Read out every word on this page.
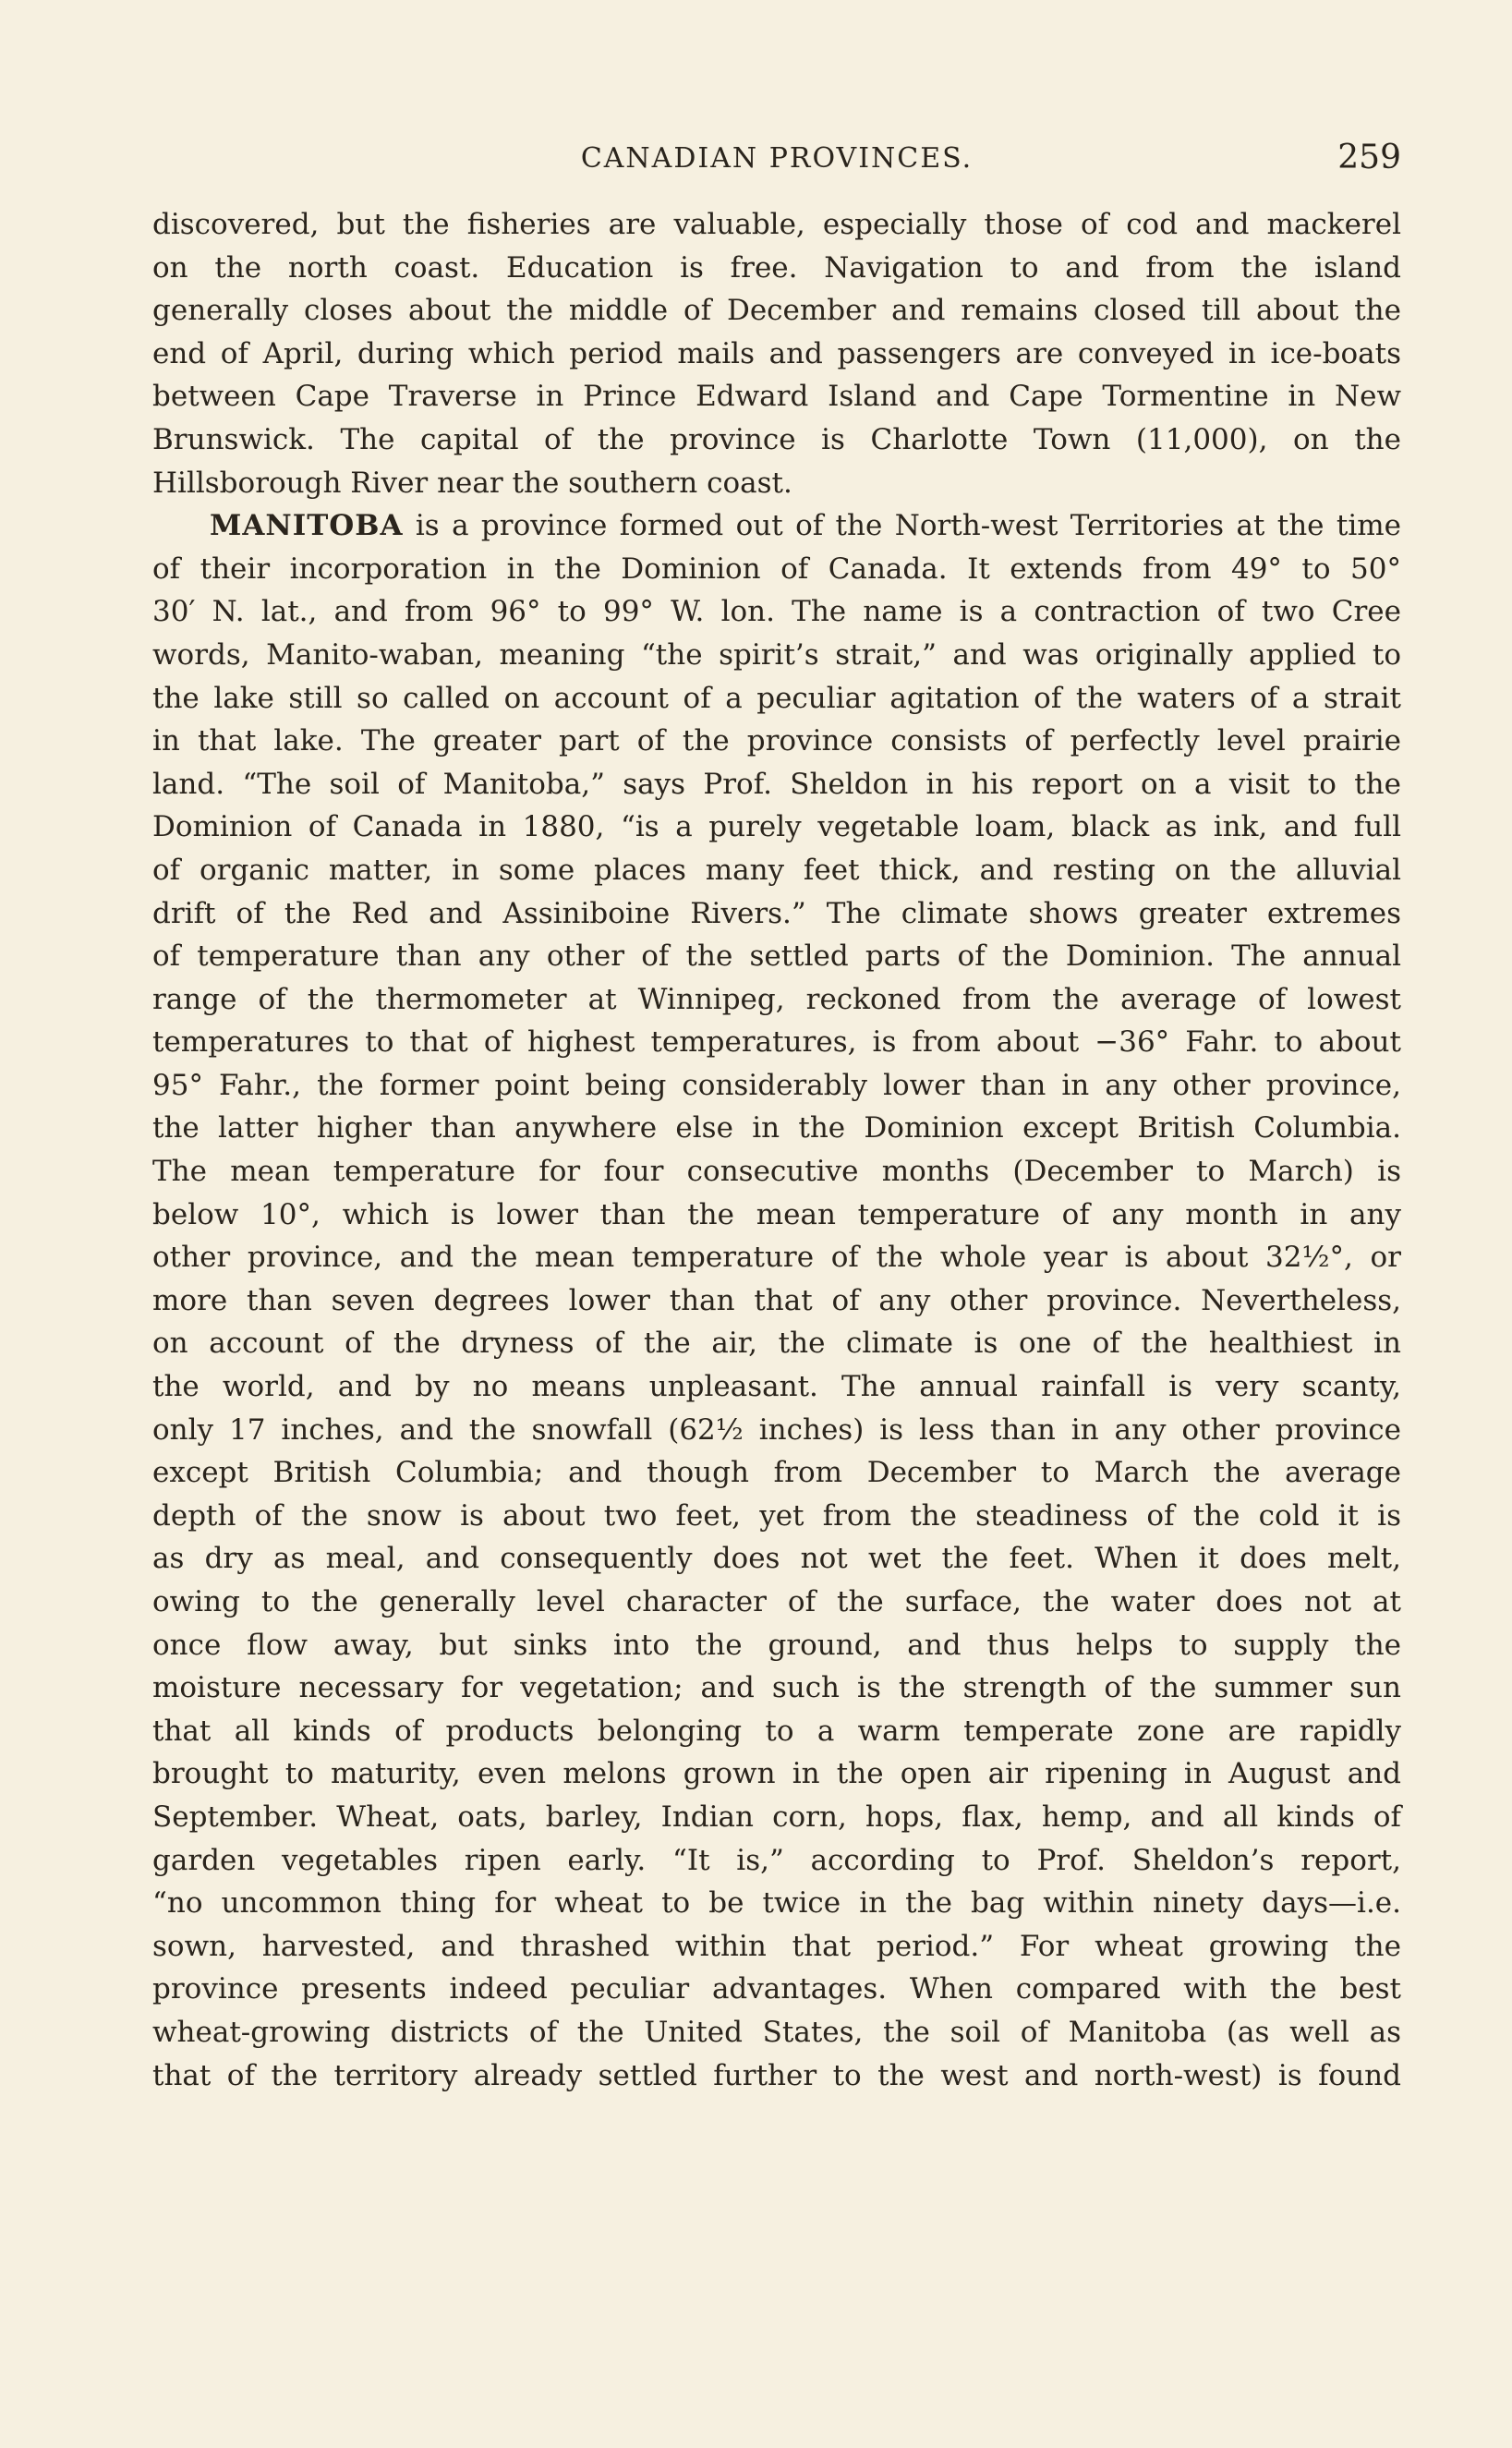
CANADIAN PROVINCES.	259
discovered, but the fisheries are valuable, especially those of cod and mackerel
on the north coast. Education is free. Navigation to and from the island
generally closes about the middle of December and remains closed till about the
end of April, during which period mails and passengers are conveyed in ice-boats
between Cape Traverse in Prince Edward Island and Cape Tormentine in New
Brunswick. The capital of the province is Charlotte Town (11,000), on the
Hillsborough River near the southern coast.
MANITOBA is a province formed out of the North-west Territories at the time
of their incorporation in the Dominion of Canada. It extends from 49° to 50°
30′ N. lat., and from 96° to 99° W. lon. The name is a contraction of two Cree
words, Manito-waban, meaning “the spirit’s strait,” and was originally applied to
the lake still so called on account of a peculiar agitation of the waters of a strait
in that lake. The greater part of the province consists of perfectly level prairie
land. “The soil of Manitoba,” says Prof. Sheldon in his report on a visit to the
Dominion of Canada in 1880, “is a purely vegetable loam, black as ink, and full
of organic matter, in some places many feet thick, and resting on the alluvial
drift of the Red and Assiniboine Rivers.” The climate shows greater extremes
of temperature than any other of the settled parts of the Dominion. The annual
range of the thermometer at Winnipeg, reckoned from the average of lowest
temperatures to that of highest temperatures, is from about −36° Fahr. to about
95° Fahr., the former point being considerably lower than in any other province,
the latter higher than anywhere else in the Dominion except British Columbia.
The mean temperature for four consecutive months (December to March) is
below 10°, which is lower than the mean temperature of any month in any
other province, and the mean temperature of the whole year is about 32½°, or
more than seven degrees lower than that of any other province. Nevertheless,
on account of the dryness of the air, the climate is one of the healthiest in
the world, and by no means unpleasant. The annual rainfall is very scanty,
only 17 inches, and the snowfall (62½ inches) is less than in any other province
except British Columbia; and though from December to March the average
depth of the snow is about two feet, yet from the steadiness of the cold it is
as dry as meal, and consequently does not wet the feet. When it does melt,
owing to the generally level character of the surface, the water does not at
once flow away, but sinks into the ground, and thus helps to supply the
moisture necessary for vegetation; and such is the strength of the summer sun
that all kinds of products belonging to a warm temperate zone are rapidly
brought to maturity, even melons grown in the open air ripening in August and
September. Wheat, oats, barley, Indian corn, hops, flax, hemp, and all kinds of
garden vegetables ripen early. “It is,” according to Prof. Sheldon’s report,
“no uncommon thing for wheat to be twice in the bag within ninety days—i.e.
sown, harvested, and thrashed within that period.” For wheat growing the
province presents indeed peculiar advantages. When compared with the best
wheat-growing districts of the United States, the soil of Manitoba (as well as
that of the territory already settled further to the west and north-west) is found
